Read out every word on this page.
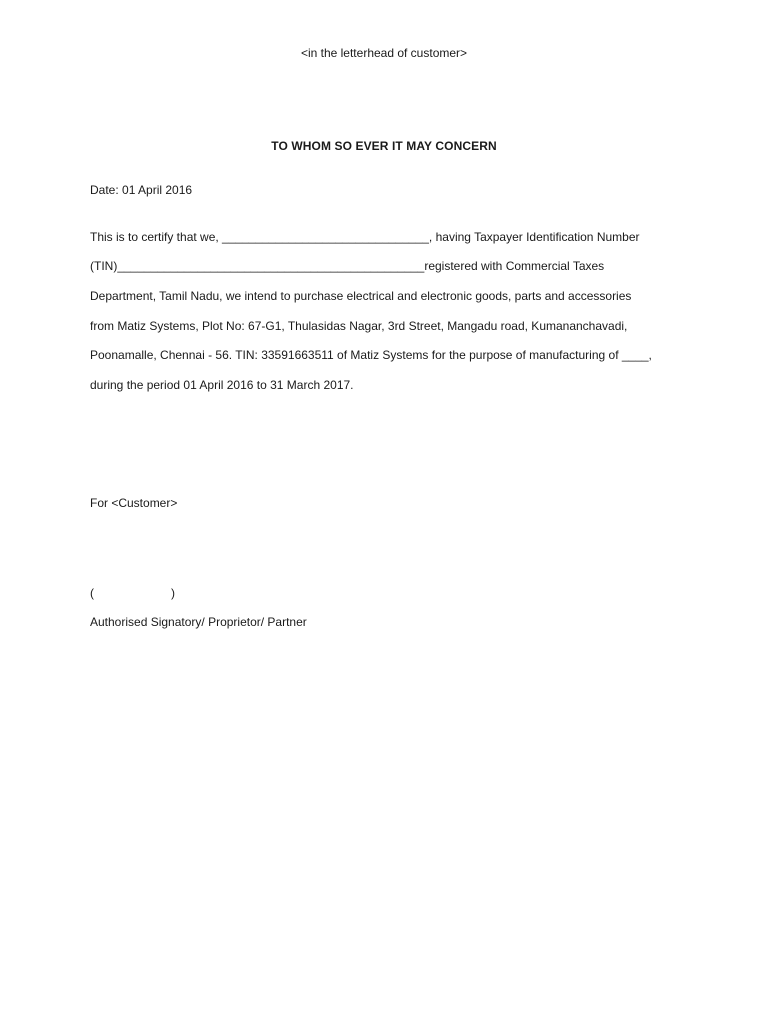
<in the letterhead of customer>
TO WHOM SO EVER IT MAY CONCERN
Date: 01 April 2016
This is to certify that we, _______________________________, having Taxpayer Identification Number
(TIN)______________________________________________registered with Commercial Taxes
Department, Tamil Nadu, we intend to purchase electrical and electronic goods, parts and accessories
from Matiz Systems, Plot No: 67-G1, Thulasidas Nagar, 3rd Street, Mangadu road, Kumananchavadi,
Poonamalle, Chennai - 56. TIN: 33591663511 of Matiz Systems for the purpose of manufacturing of ____,
during the period 01 April 2016 to 31 March 2017.
For <Customer>
(	)
Authorised Signatory/ Proprietor/ Partner
